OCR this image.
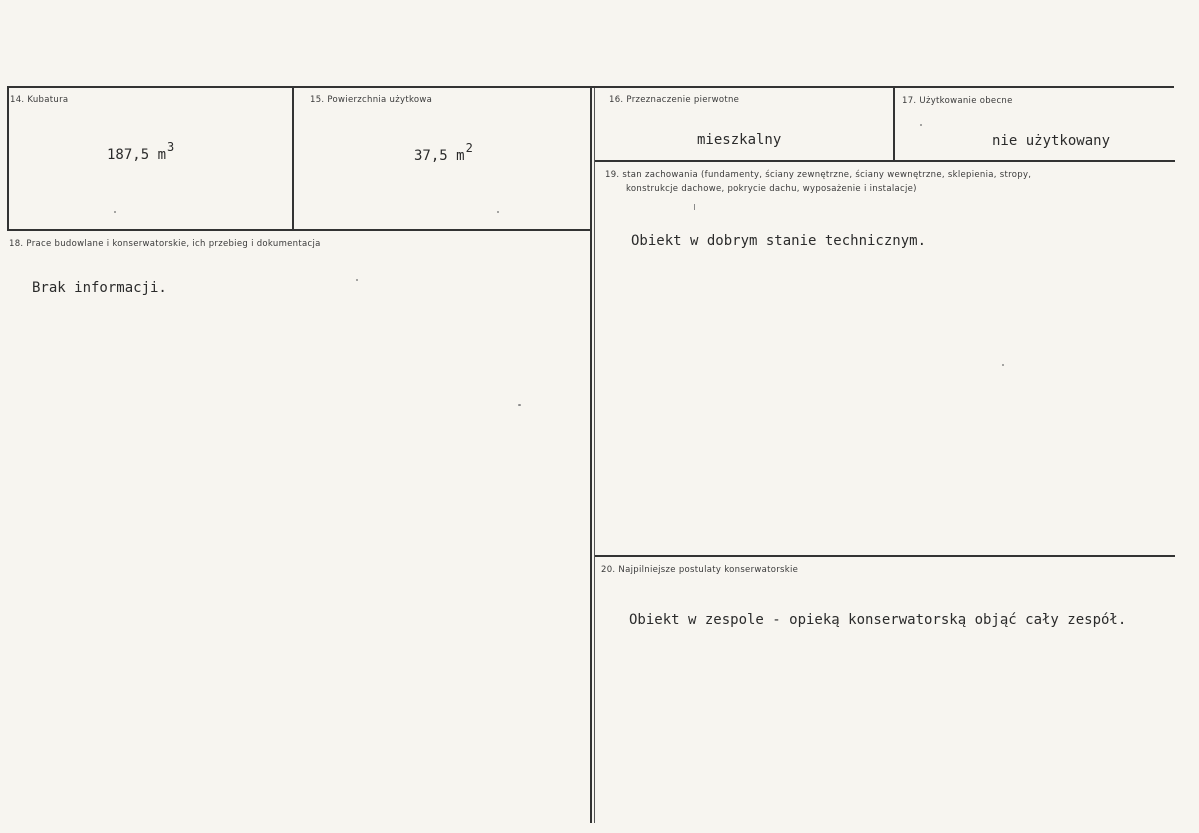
14. Kubatura
187,5 m3
15. Powierzchnia użytkowa
37,5 m2
16. Przeznaczenie pierwotne
mieszkalny
17. Użytkowanie obecne
nie użytkowany
18. Prace budowlane i konserwatorskie, ich przebieg i dokumentacja
Brak informacji.
19. stan zachowania (fundamenty, ściany zewnętrzne, ściany wewnętrzne, sklepienia, stropy,
konstrukcje dachowe, pokrycie dachu, wyposażenie i instalacje)
Obiekt w dobrym stanie technicznym.
20. Najpilniejsze postulaty konserwatorskie
Obiekt w zespole - opieką konserwatorską objąć cały zespół.
